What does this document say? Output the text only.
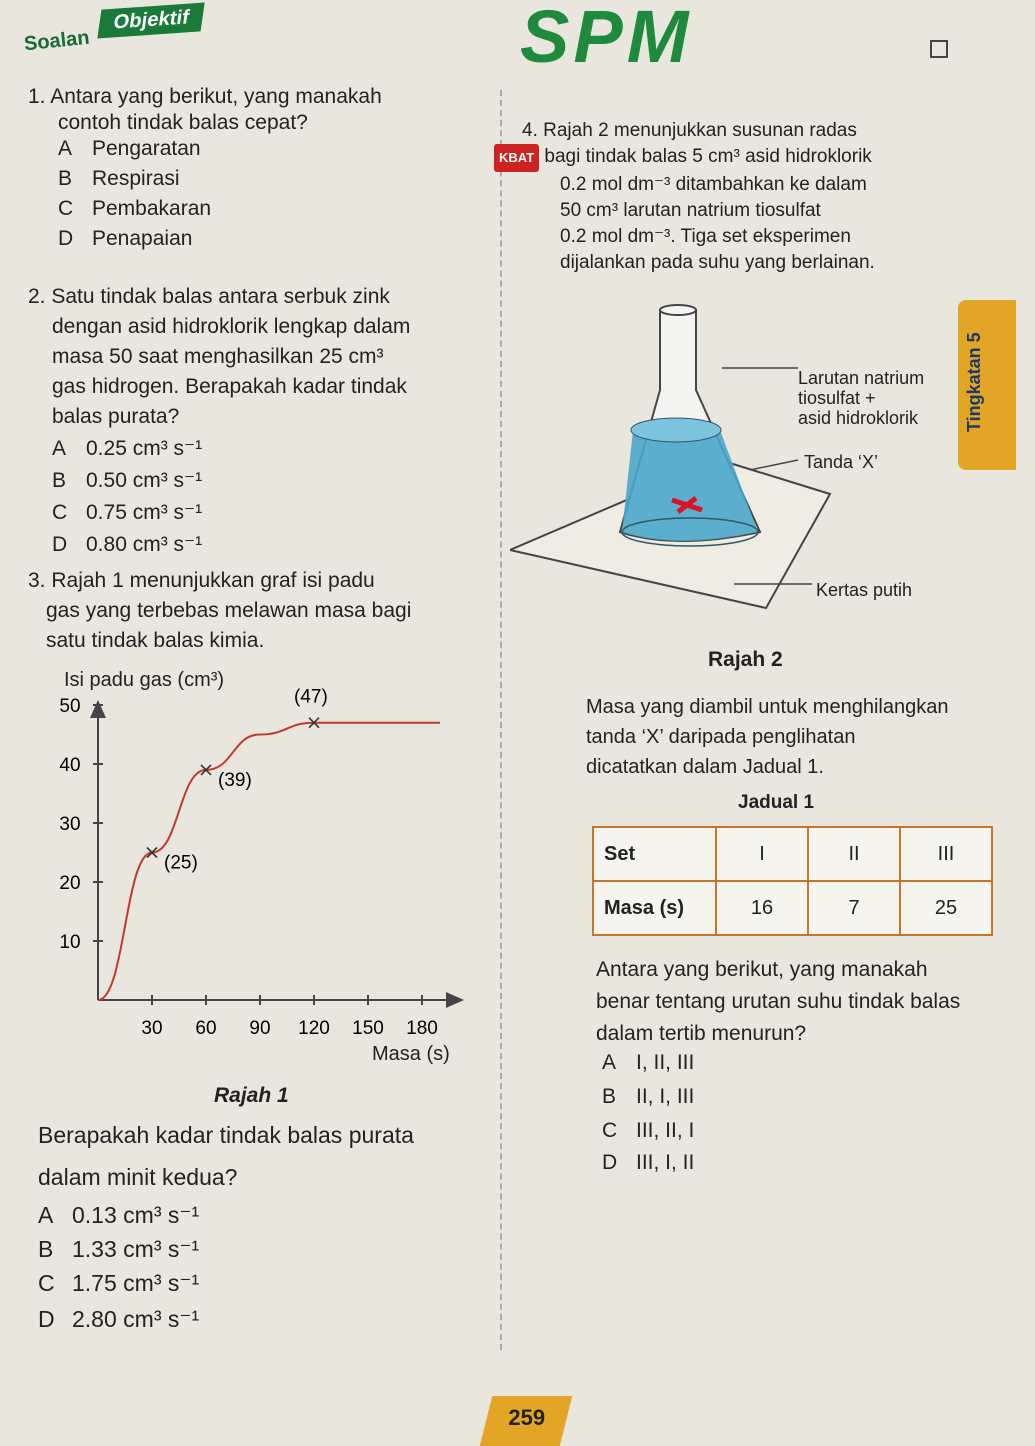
Soalan
Objektif	SPM
1. Antara yang berikut, yang manakah
contoh tindak balas cepat?
A Pengaratan
B Respirasi
C Pembakaran
D Penapaian
2. Satu tindak balas antara serbuk zink
dengan asid hidroklorik lengkap dalam
masa 50 saat menghasilkan 25 cm³
gas hidrogen. Berapakah kadar tindak
balas purata?
A 0.25 cm³ s⁻¹
B 0.50 cm³ s⁻¹
C 0.75 cm³ s⁻¹
D 0.80 cm³ s⁻¹
3. Rajah 1 menunjukkan graf isi padu
gas yang terbebas melawan masa bagi
satu tindak balas kimia.
Isi padu gas (cm³)
10
20
30
40
50
30 60 90 120 150 180
(25)
(39)
(47)
Masa (s)
Rajah 1
Berapakah kadar tindak balas purata
dalam minit kedua?
A 0.13 cm³ s⁻¹
B 1.33 cm³ s⁻¹
C 1.75 cm³ s⁻¹
D 2.80 cm³ s⁻¹
4. Rajah 2 menunjukkan susunan radas
KBAT bagi tindak balas 5 cm³ asid hidroklorik
0.2 mol dm⁻³ ditambahkan ke dalam
50 cm³ larutan natrium tiosulfat
0.2 mol dm⁻³. Tiga set eksperimen
dijalankan pada suhu yang berlainan.
Larutan natrium
tiosulfat +
asid hidroklorik
Tanda ‘X’
Kertas putih
Rajah 2
Masa yang diambil untuk menghilangkan
tanda ‘X’ daripada penglihatan
dicatatkan dalam Jadual 1.
Jadual 1
Set	I	II	III
Masa (s)	16	7	25
Antara yang berikut, yang manakah
benar tentang urutan suhu tindak balas
dalam tertib menurun?
A I, II, III
B II, I, III
C III, II, I
D III, I, II
Tingkatan 5
259
